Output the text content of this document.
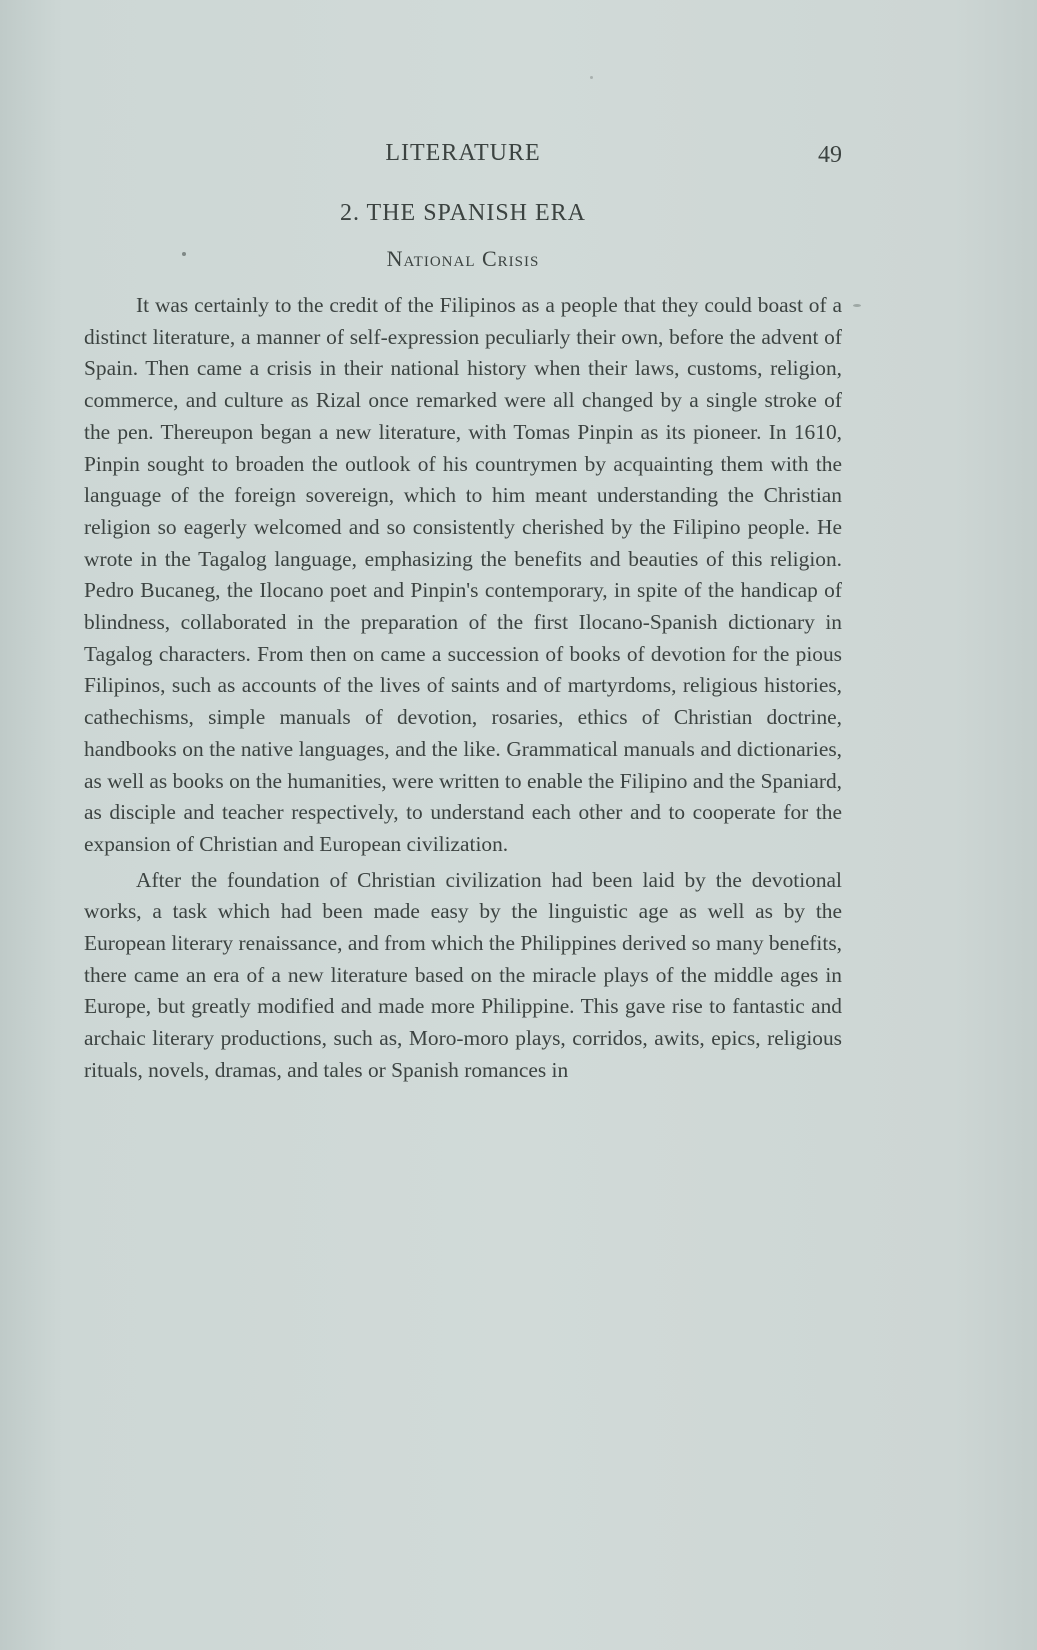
LITERATURE	49
2. THE SPANISH ERA
National Crisis

It was certainly to the credit of the Filipinos as a people that they could boast of a distinct literature, a manner of self-expression peculiarly their own, before the advent of Spain. Then came a crisis in their national history when their laws, customs, religion, commerce, and culture as Rizal once remarked were all changed by a single stroke of the pen. Thereupon began a new literature, with Tomas Pinpin as its pioneer. In 1610, Pinpin sought to broaden the outlook of his countrymen by acquainting them with the language of the foreign sovereign, which to him meant understanding the Christian religion so eagerly welcomed and so consistently cherished by the Filipino people. He wrote in the Tagalog language, emphasizing the benefits and beauties of this religion. Pedro Bucaneg, the Ilocano poet and Pinpin's contemporary, in spite of the handicap of blindness, collaborated in the preparation of the first Ilocano-Spanish dictionary in Tagalog characters. From then on came a succession of books of devotion for the pious Filipinos, such as accounts of the lives of saints and of martyrdoms, religious histories, cathechisms, simple manuals of devotion, rosaries, ethics of Christian doctrine, handbooks on the native languages, and the like. Grammatical manuals and dictionaries, as well as books on the humanities, were written to enable the Filipino and the Spaniard, as disciple and teacher respectively, to understand each other and to cooperate for the expansion of Christian and European civilization.

After the foundation of Christian civilization had been laid by the devotional works, a task which had been made easy by the linguistic age as well as by the European literary renaissance, and from which the Philippines derived so many benefits, there came an era of a new literature based on the miracle plays of the middle ages in Europe, but greatly modified and made more Philippine. This gave rise to fantastic and archaic literary productions, such as, Moro-moro plays, corridos, awits, epics, religious rituals, novels, dramas, and tales or Spanish romances in
